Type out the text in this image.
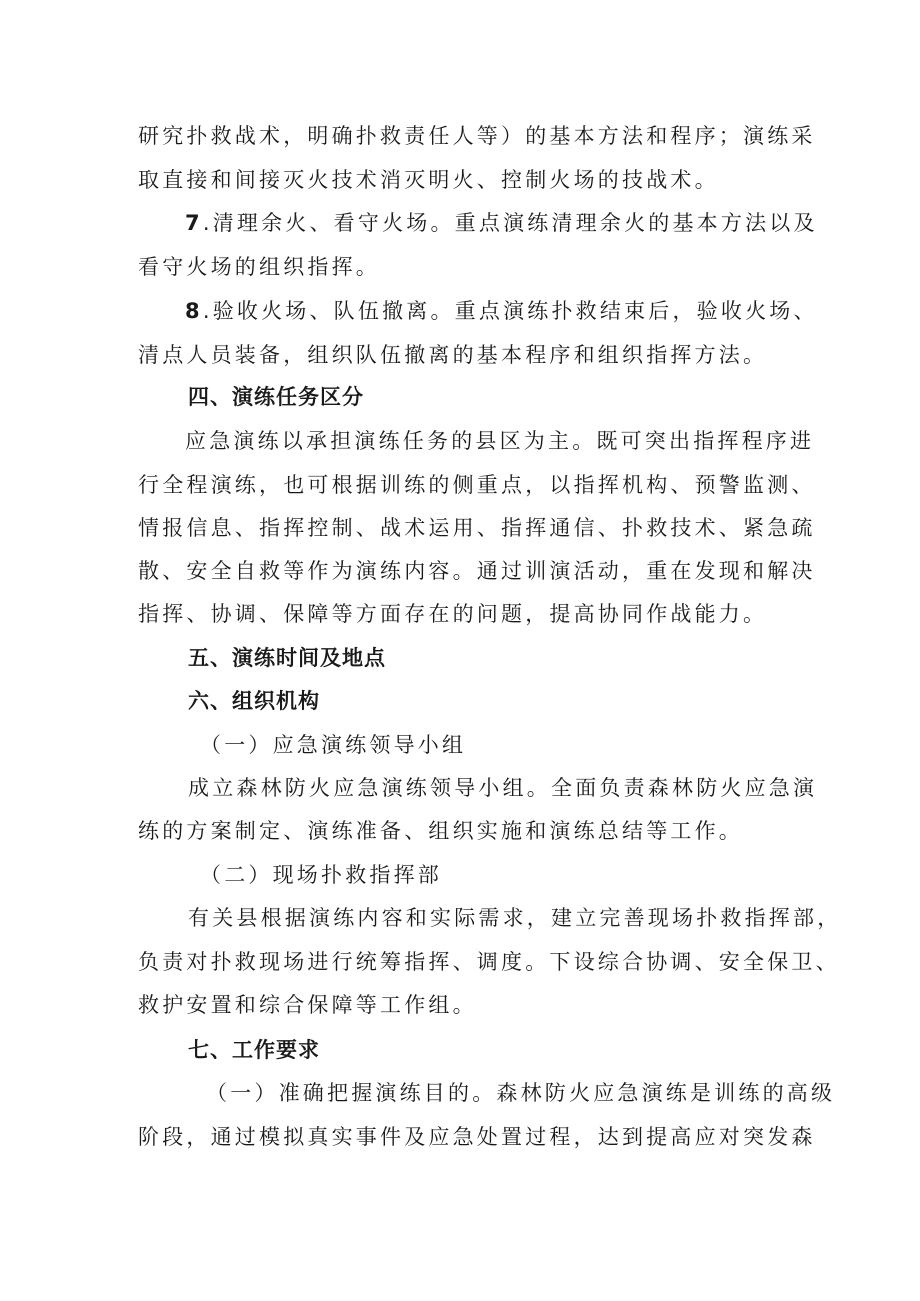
研究扑救战术，明确扑救责任人等）的基本方法和程序；演练采
取直接和间接灭火技术消灭明火、控制火场的技战术。
7.清理余火、看守火场。重点演练清理余火的基本方法以及
看守火场的组织指挥。
8.验收火场、队伍撤离。重点演练扑救结束后，验收火场、
清点人员装备，组织队伍撤离的基本程序和组织指挥方法。
四、演练任务区分
应急演练以承担演练任务的县区为主。既可突出指挥程序进
行全程演练，也可根据训练的侧重点，以指挥机构、预警监测、
情报信息、指挥控制、战术运用、指挥通信、扑救技术、紧急疏
散、安全自救等作为演练内容。通过训演活动，重在发现和解决
指挥、协调、保障等方面存在的问题，提高协同作战能力。
五、演练时间及地点
六、组织机构
（一）应急演练领导小组
成立森林防火应急演练领导小组。全面负责森林防火应急演
练的方案制定、演练准备、组织实施和演练总结等工作。
（二）现场扑救指挥部
有关县根据演练内容和实际需求，建立完善现场扑救指挥部，
负责对扑救现场进行统筹指挥、调度。下设综合协调、安全保卫、
救护安置和综合保障等工作组。
七、工作要求
（一）准确把握演练目的。森林防火应急演练是训练的高级
阶段，通过模拟真实事件及应急处置过程，达到提高应对突发森
